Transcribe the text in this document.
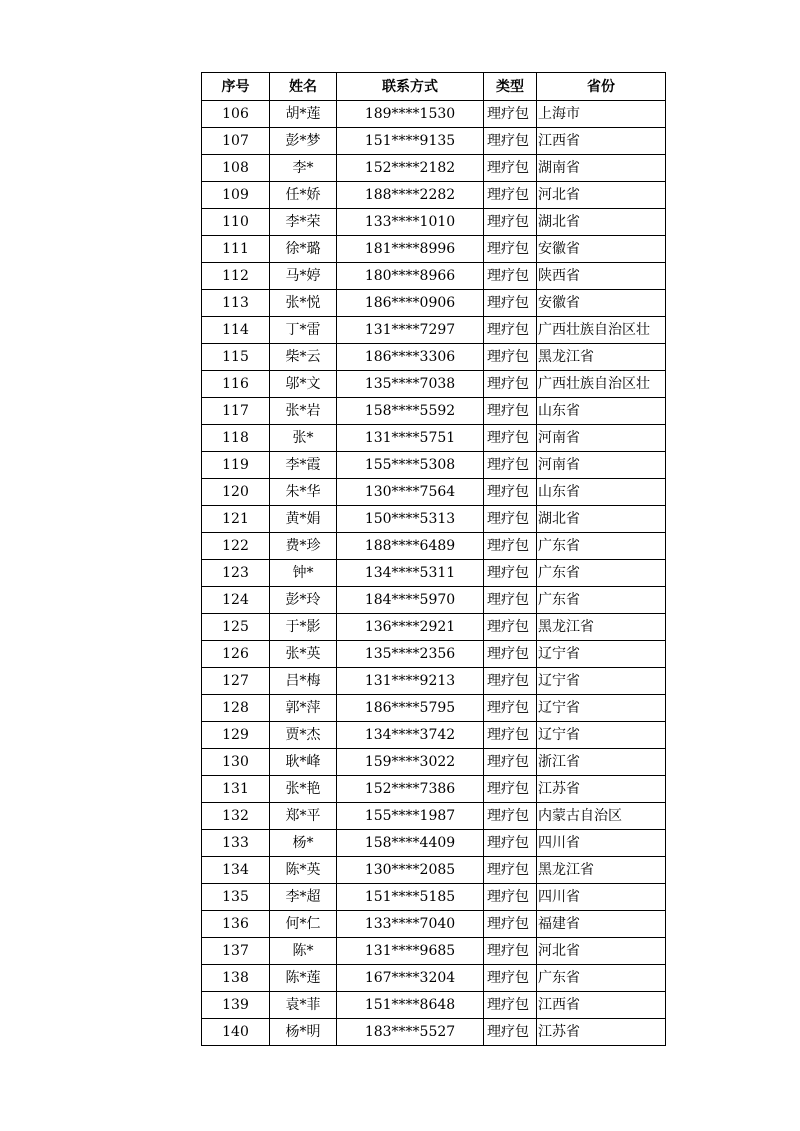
序号	姓名	联系方式	类型	省份
106	胡*莲	189****1530	理疗包	上海市
107	彭*梦	151****9135	理疗包	江西省
108	李*	152****2182	理疗包	湖南省
109	任*娇	188****2282	理疗包	河北省
110	李*荣	133****1010	理疗包	湖北省
111	徐*璐	181****8996	理疗包	安徽省
112	马*婷	180****8966	理疗包	陕西省
113	张*悦	186****0906	理疗包	安徽省
114	丁*雷	131****7297	理疗包	广西壮族自治区壮
115	柴*云	186****3306	理疗包	黑龙江省
116	邬*文	135****7038	理疗包	广西壮族自治区壮
117	张*岩	158****5592	理疗包	山东省
118	张*	131****5751	理疗包	河南省
119	李*霞	155****5308	理疗包	河南省
120	朱*华	130****7564	理疗包	山东省
121	黄*娟	150****5313	理疗包	湖北省
122	费*珍	188****6489	理疗包	广东省
123	钟*	134****5311	理疗包	广东省
124	彭*玲	184****5970	理疗包	广东省
125	于*影	136****2921	理疗包	黑龙江省
126	张*英	135****2356	理疗包	辽宁省
127	吕*梅	131****9213	理疗包	辽宁省
128	郭*萍	186****5795	理疗包	辽宁省
129	贾*杰	134****3742	理疗包	辽宁省
130	耿*峰	159****3022	理疗包	浙江省
131	张*艳	152****7386	理疗包	江苏省
132	郑*平	155****1987	理疗包	内蒙古自治区
133	杨*	158****4409	理疗包	四川省
134	陈*英	130****2085	理疗包	黑龙江省
135	李*超	151****5185	理疗包	四川省
136	何*仁	133****7040	理疗包	福建省
137	陈*	131****9685	理疗包	河北省
138	陈*莲	167****3204	理疗包	广东省
139	袁*菲	151****8648	理疗包	江西省
140	杨*明	183****5527	理疗包	江苏省
